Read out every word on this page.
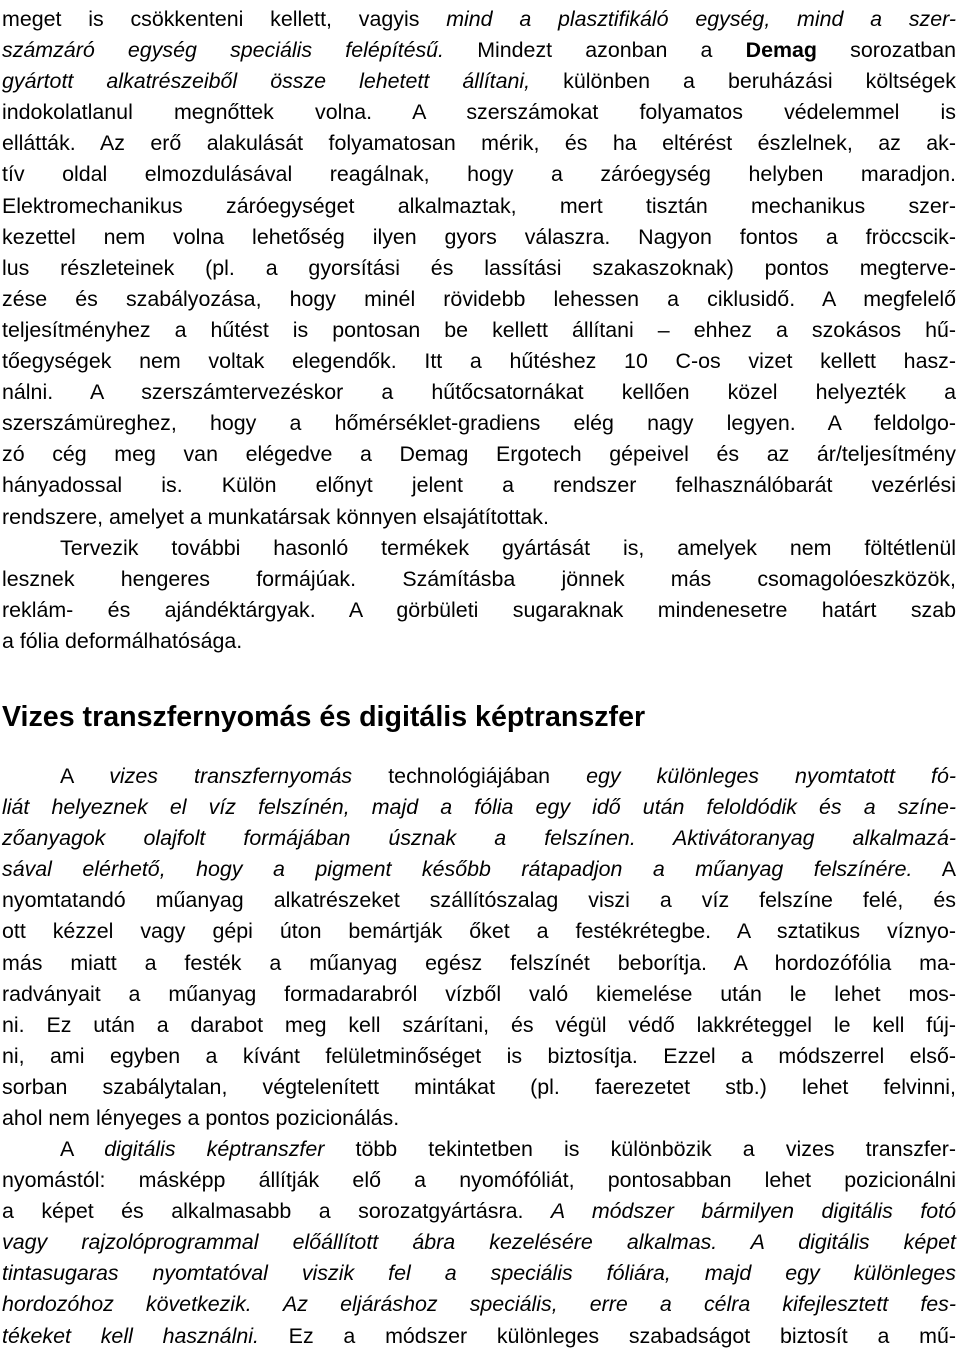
meget is csökkenteni kellett, vagyis mind a plasztifikáló egység, mind a szer-
számzáró egység speciális felépítésű. Mindezt azonban a Demag sorozatban
gyártott alkatrészeiből össze lehetett állítani, különben a beruházási költségek
indokolatlanul megnőttek volna. A szerszámokat folyamatos védelemmel is
ellátták. Az erő alakulását folyamatosan mérik, és ha eltérést észlelnek, az ak-
tív oldal elmozdulásával reagálnak, hogy a záróegység helyben maradjon.
Elektromechanikus záróegységet alkalmaztak, mert tisztán mechanikus szer-
kezettel nem volna lehetőség ilyen gyors válaszra. Nagyon fontos a fröccscik-
lus részleteinek (pl. a gyorsítási és lassítási szakaszoknak) pontos megterve-
zése és szabályozása, hogy minél rövidebb lehessen a ciklusidő. A megfelelő
teljesítményhez a hűtést is pontosan be kellett állítani – ehhez a szokásos hű-
tőegységek nem voltak elegendők. Itt a hűtéshez 10 C-os vizet kellett hasz-
nálni. A szerszámtervezéskor a hűtőcsatornákat kellően közel helyezték a
szerszámüreghez, hogy a hőmérséklet-gradiens elég nagy legyen. A feldolgo-
zó cég meg van elégedve a Demag Ergotech gépeivel és az ár/teljesítmény
hányadossal is. Külön előnyt jelent a rendszer felhasználóbarát vezérlési
rendszere, amelyet a munkatársak könnyen elsajátítottak.
Tervezik további hasonló termékek gyártását is, amelyek nem föltétlenül
lesznek hengeres formájúak. Számításba jönnek más csomagolóeszközök,
reklám- és ajándéktárgyak. A görbületi sugaraknak mindenesetre határt szab
a fólia deformálhatósága.
Vizes transzfernyomás és digitális képtranszfer
A vizes transzfernyomás technológiájában egy különleges nyomtatott fó-
liát helyeznek el víz felszínén, majd a fólia egy idő után feloldódik és a színe-
zőanyagok olajfolt formájában úsznak a felszínen. Aktivátoranyag alkalmazá-
sával elérhető, hogy a pigment később rátapadjon a műanyag felszínére. A
nyomtatandó műanyag alkatrészeket szállítószalag viszi a víz felszíne felé, és
ott kézzel vagy gépi úton bemártják őket a festékrétegbe. A sztatikus víznyo-
más miatt a festék a műanyag egész felszínét beborítja. A hordozófólia ma-
radványait a műanyag formadarabról vízből való kiemelése után le lehet mos-
ni. Ez után a darabot meg kell szárítani, és végül védő lakkréteggel le kell fúj-
ni, ami egyben a kívánt felületminőséget is biztosítja. Ezzel a módszerrel első-
sorban szabálytalan, végtelenített mintákat (pl. faerezetet stb.) lehet felvinni,
ahol nem lényeges a pontos pozicionálás.
A digitális képtranszfer több tekintetben is különbözik a vizes transzfer-
nyomástól: másképp állítják elő a nyomófóliát, pontosabban lehet pozicionálni
a képet és alkalmasabb a sorozatgyártásra. A módszer bármilyen digitális fotó
vagy rajzolóprogrammal előállított ábra kezelésére alkalmas. A digitális képet
tintasugaras nyomtatóval viszik fel a speciális fóliára, majd egy különleges
hordozóhoz következik. Az eljáráshoz speciális, erre a célra kifejlesztett fes-
tékeket kell használni. Ez a módszer különleges szabadságot biztosít a mű-
